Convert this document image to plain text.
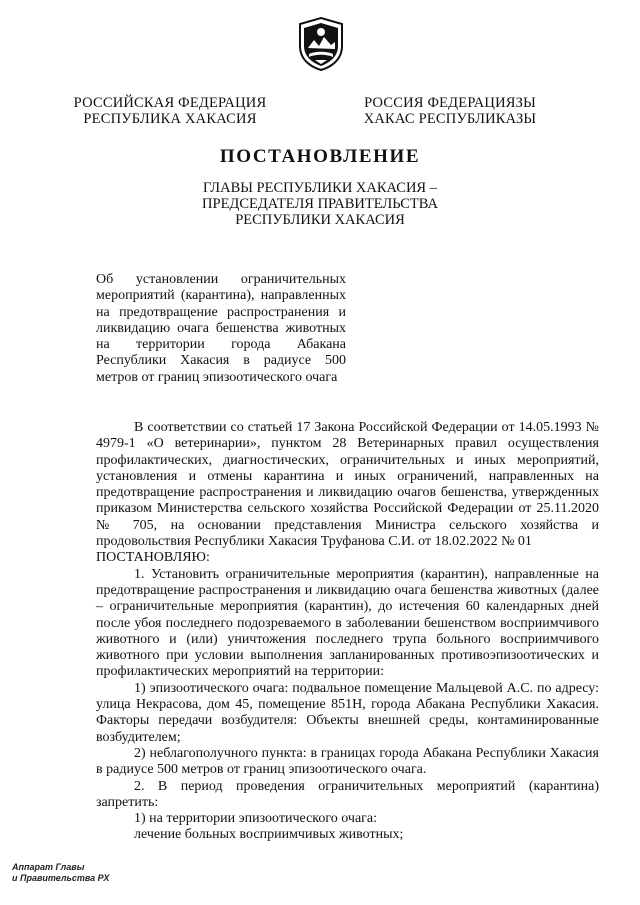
РОССИЙСКАЯ ФЕДЕРАЦИЯ
РЕСПУБЛИКА ХАКАСИЯ
РОССИЯ ФЕДЕРАЦИЯЗЫ
ХАКАС РЕСПУБЛИКАЗЫ
ПОСТАНОВЛЕНИЕ
ГЛАВЫ РЕСПУБЛИКИ ХАКАСИЯ –
ПРЕДСЕДАТЕЛЯ ПРАВИТЕЛЬСТВА
РЕСПУБЛИКИ ХАКАСИЯ
Об установлении ограничительных мероприятий (карантина), направленных на предотвращение распространения и ликвидацию очага бешенства животных на территории города Абакана Республики Хакасия в радиусе 500 метров от границ эпизоотического очага

В соответствии со статьей 17 Закона Российской Федерации от 14.05.1993 № 4979-1 «О ветеринарии», пунктом 28 Ветеринарных правил осуществления профилактических, диагностических, ограничительных и иных мероприятий, установления и отмены карантина и иных ограничений, направленных на предотвращение распространения и ликвидацию очагов бешенства, утвержденных приказом Министерства сельского хозяйства Российской Федерации от 25.11.2020 № 705, на основании представления Министра сельского хозяйства и продовольствия Республики Хакасия Труфанова С.И. от 18.02.2022 № 01

ПОСТАНОВЛЯЮ:

1. Установить ограничительные мероприятия (карантин), направленные на предотвращение распространения и ликвидацию очага бешенства животных (далее – ограничительные мероприятия (карантин), до истечения 60 календарных дней после убоя последнего подозреваемого в заболевании бешенством восприимчивого животного и (или) уничтожения последнего трупа больного восприимчивого животного при условии выполнения запланированных противоэпизоотических и профилактических мероприятий на территории:

1) эпизоотического очага: подвальное помещение Мальцевой А.С. по адресу: улица Некрасова, дом 45, помещение 851Н, города Абакана Республики Хакасия. Факторы передачи возбудителя: Объекты внешней среды, контаминированные возбудителем;

2) неблагополучного пункта: в границах города Абакана Республики Хакасия в радиусе 500 метров от границ эпизоотического очага.

2. В период проведения ограничительных мероприятий (карантина) запретить:

1) на территории эпизоотического очага:

лечение больных восприимчивых животных;

Аппарат Главы
и Правительства РХ
